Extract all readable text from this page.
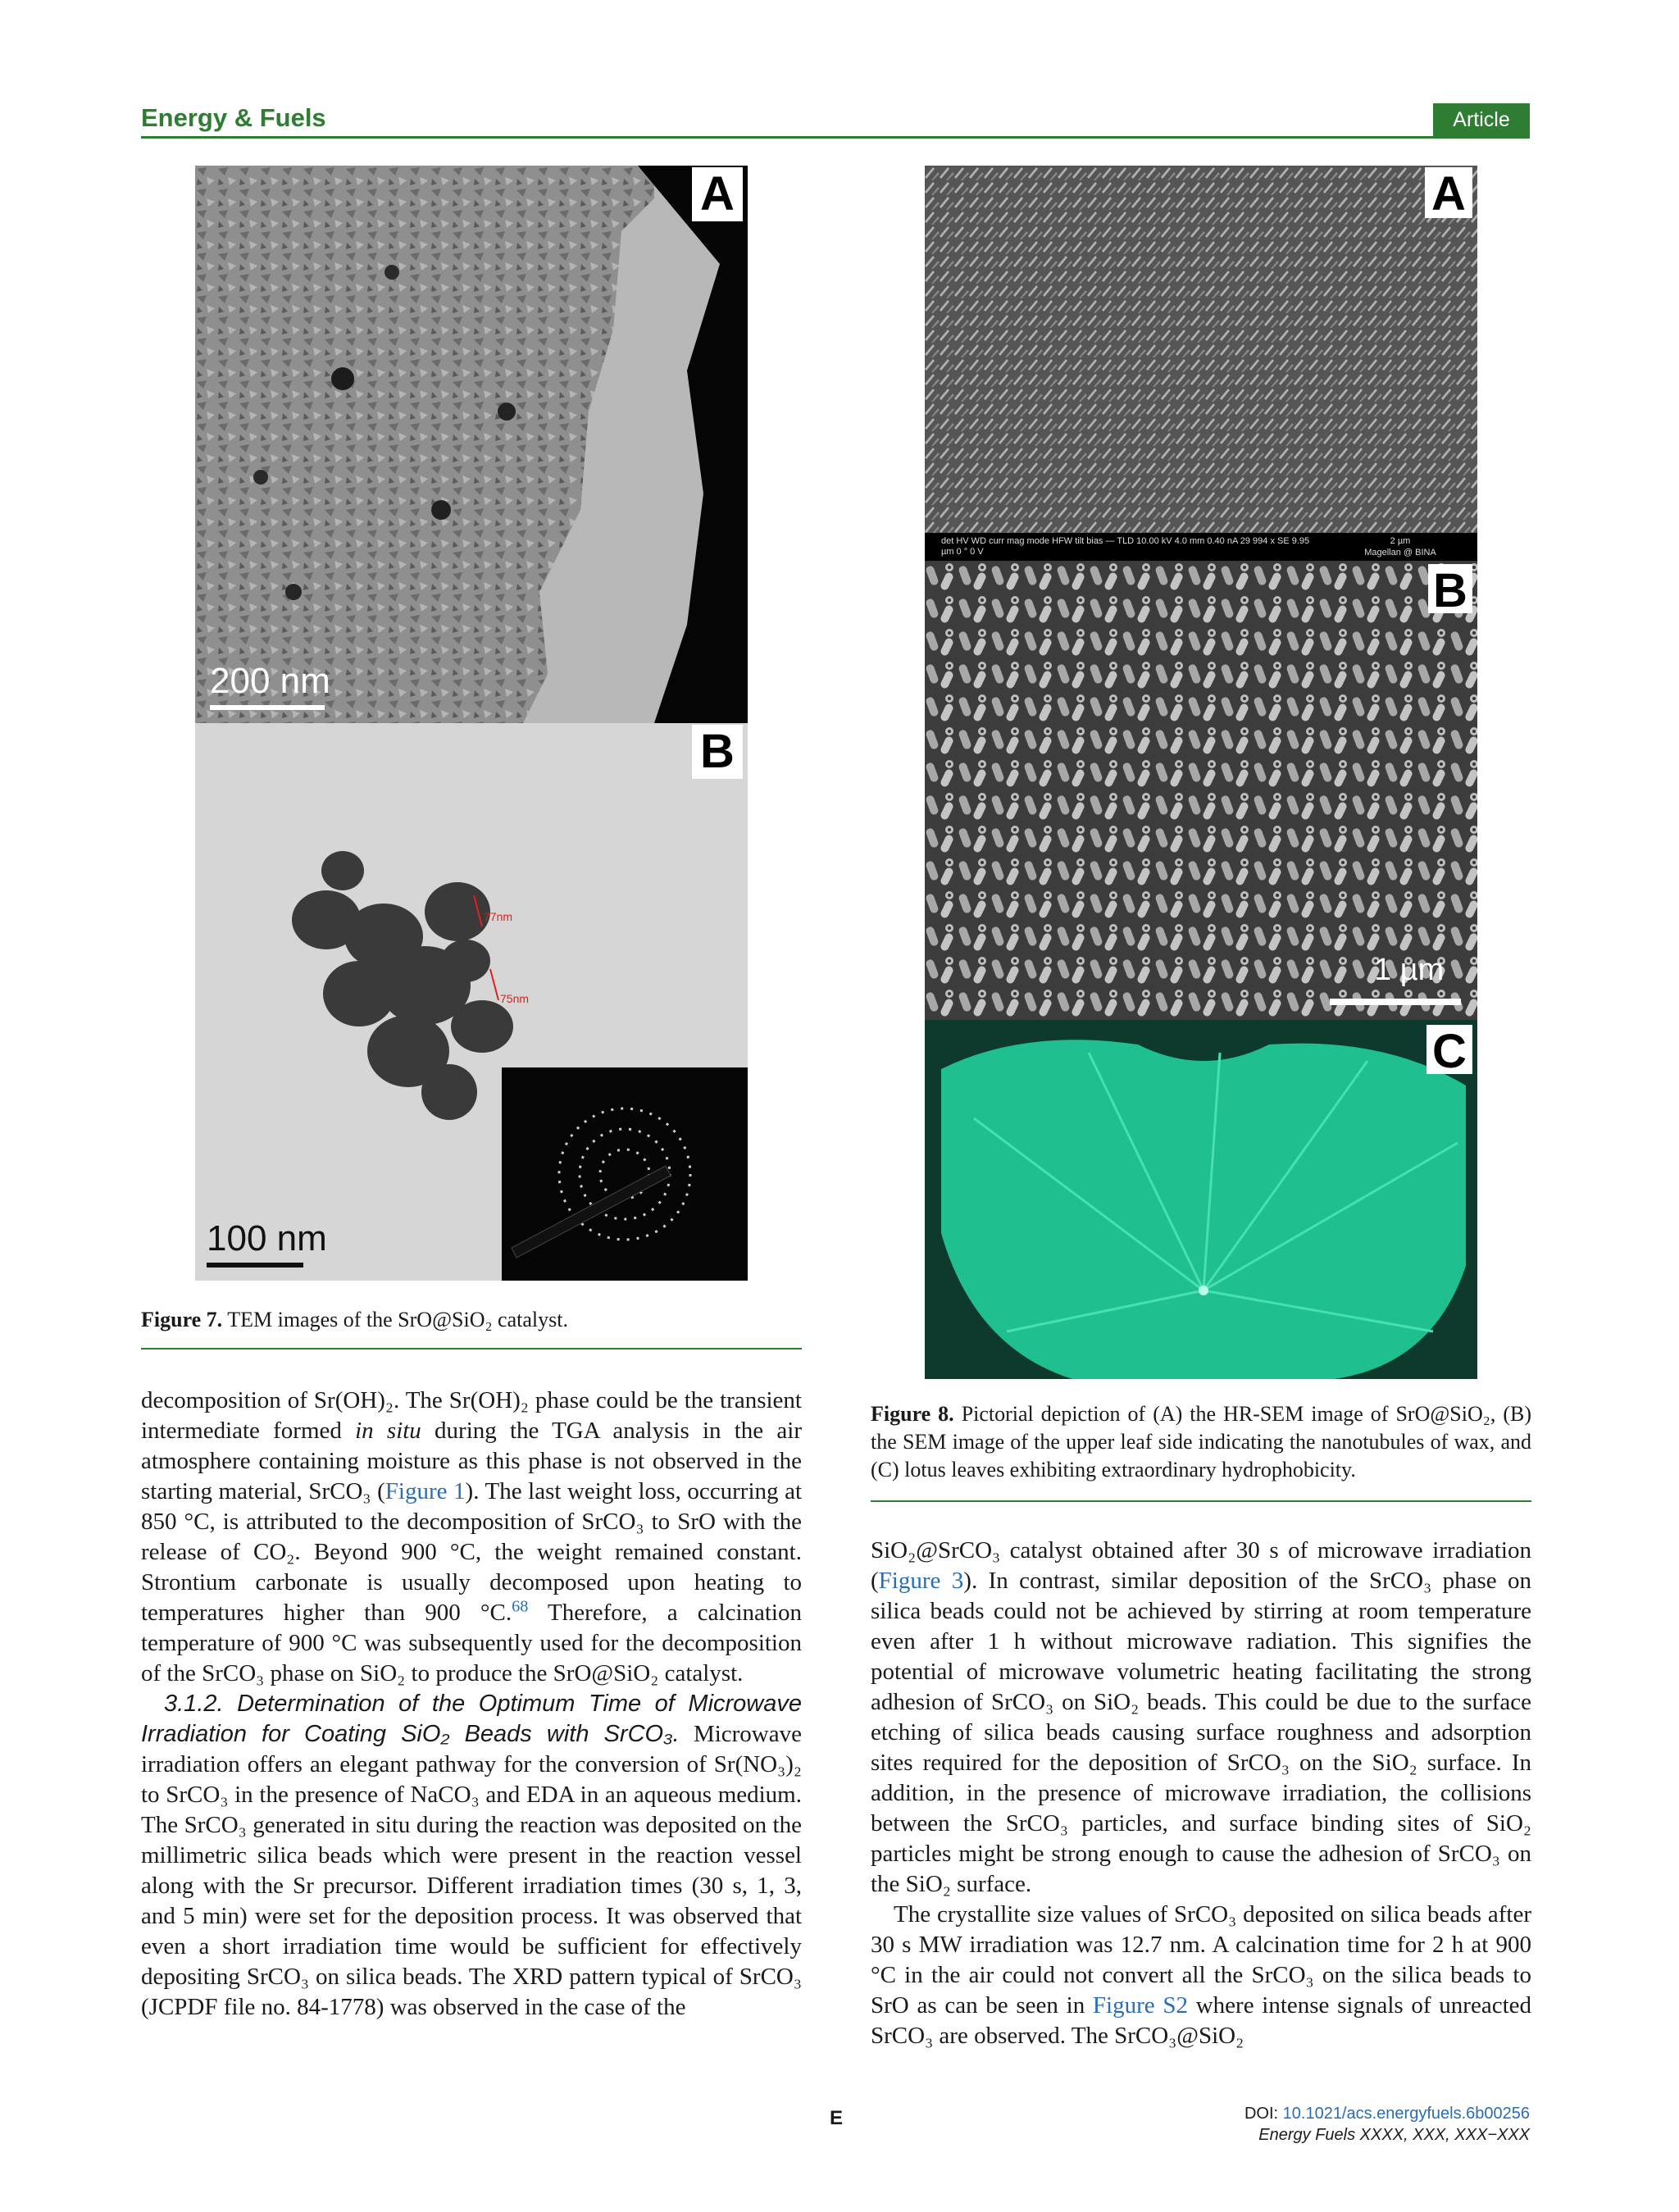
Energy & Fuels	Article
A
200 nm
B
77nm
75nm
100 nm
Figure 7. TEM images of the SrO@SiO₂ catalyst.
A
det HV WD curr mag mode HFW tilt bias — TLD 10.00 kV 4.0 mm 0.40 nA 29 994 x SE 9.95 µm 0 ° 0 V
2 µm
Magellan @ BINA
B
1 µm
C
Figure 8. Pictorial depiction of (A) the HR-SEM image of SrO@SiO₂, (B) the SEM image of the upper leaf side indicating the nanotubules of wax, and (C) lotus leaves exhibiting extraordinary hydrophobicity.

decomposition of Sr(OH)₂. The Sr(OH)₂ phase could be the transient intermediate formed in situ during the TGA analysis in the air atmosphere containing moisture as this phase is not observed in the starting material, SrCO₃ (Figure 1). The last weight loss, occurring at 850 °C, is attributed to the decomposition of SrCO₃ to SrO with the release of CO₂. Beyond 900 °C, the weight remained constant. Strontium carbonate is usually decomposed upon heating to temperatures higher than 900 °C.$^{68}$ Therefore, a calcination temperature of 900 °C was subsequently used for the decomposition of the SrCO₃ phase on SiO₂ to produce the SrO@SiO₂ catalyst.

3.1.2. Determination of the Optimum Time of Microwave Irradiation for Coating SiO₂ Beads with SrCO₃. Microwave irradiation offers an elegant pathway for the conversion of Sr(NO₃)₂ to SrCO₃ in the presence of NaCO₃ and EDA in an aqueous medium. The SrCO₃ generated in situ during the reaction was deposited on the millimetric silica beads which were present in the reaction vessel along with the Sr precursor. Different irradiation times (30 s, 1, 3, and 5 min) were set for the deposition process. It was observed that even a short irradiation time would be sufficient for effectively depositing SrCO₃ on silica beads. The XRD pattern typical of SrCO₃ (JCPDF file no. 84-1778) was observed in the case of the

SiO₂@SrCO₃ catalyst obtained after 30 s of microwave irradiation (Figure 3). In contrast, similar deposition of the SrCO₃ phase on silica beads could not be achieved by stirring at room temperature even after 1 h without microwave radiation. This signifies the potential of microwave volumetric heating facilitating the strong adhesion of SrCO₃ on SiO₂ beads. This could be due to the surface etching of silica beads causing surface roughness and adsorption sites required for the deposition of SrCO₃ on the SiO₂ surface. In addition, in the presence of microwave irradiation, the collisions between the SrCO₃ particles, and surface binding sites of SiO₂ particles might be strong enough to cause the adhesion of SrCO₃ on the SiO₂ surface.

The crystallite size values of SrCO₃ deposited on silica beads after 30 s MW irradiation was 12.7 nm. A calcination time for 2 h at 900 °C in the air could not convert all the SrCO₃ on the silica beads to SrO as can be seen in Figure S2 where intense signals of unreacted SrCO₃ are observed. The SrCO₃@SiO₂

E	DOI: 10.1021/acs.energyfuels.6b00256
Energy Fuels XXXX, XXX, XXX−XXX
